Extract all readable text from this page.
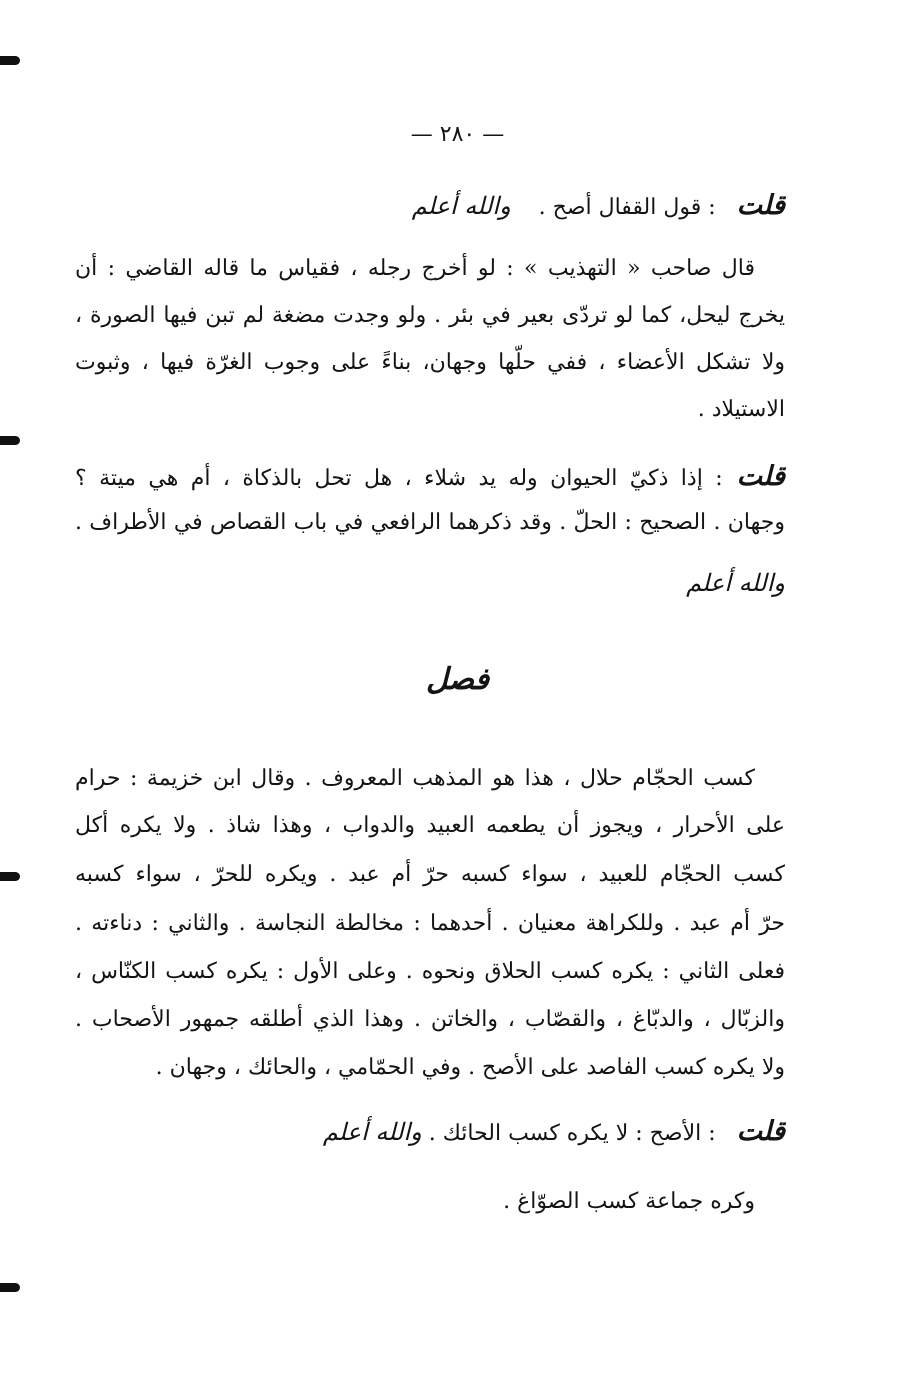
— ٢٨٠ —
قلت : قول القفال أصح .    والله أعلم
قال صاحب « التهذيب » : لو أخرج رجله ، فقياس ما قاله القاضي : أن
يخرج ليحل، كما لو تردّى بعير في بئر . ولو وجدت مضغة لم تبن فيها الصورة ،
ولا تشكل الأعضاء ، ففي حلّها وجهان، بناءً على وجوب الغرّة فيها ، وثبوت
الاستيلاد .
قلت: إذا ذكيّ الحيوان وله يد شلاء ، هل تحل بالذكاة ، أم هي ميتة ؟
وجهان . الصحيح : الحلّ . وقد ذكرهما الرافعي في باب القصاص في الأطراف .
والله أعلم
فصل
كسب الحجّام حلال ، هذا هو المذهب المعروف . وقال ابن خزيمة : حرام
على الأحرار ، ويجوز أن يطعمه العبيد والدواب ، وهذا شاذ . ولا يكره أكل
كسب الحجّام للعبيد ، سواء كسبه حرّ أم عبد . ويكره للحرّ ، سواء كسبه
حرّ أم عبد . وللكراهة معنيان . أحدهما : مخالطة النجاسة . والثاني : دناءته .
فعلى الثاني : يكره كسب الحلاق ونحوه . وعلى الأول : يكره كسب الكنّاس ،
والزبّال ، والدبّاغ ، والقصّاب ، والخاتن . وهذا الذي أطلقه جمهور الأصحاب .
ولا يكره كسب الفاصد على الأصح . وفي الحمّامي ، والحائك ، وجهان .
قلت : الأصح : لا يكره كسب الحائك . والله أعلم
وكره جماعة كسب الصوّاغ .
